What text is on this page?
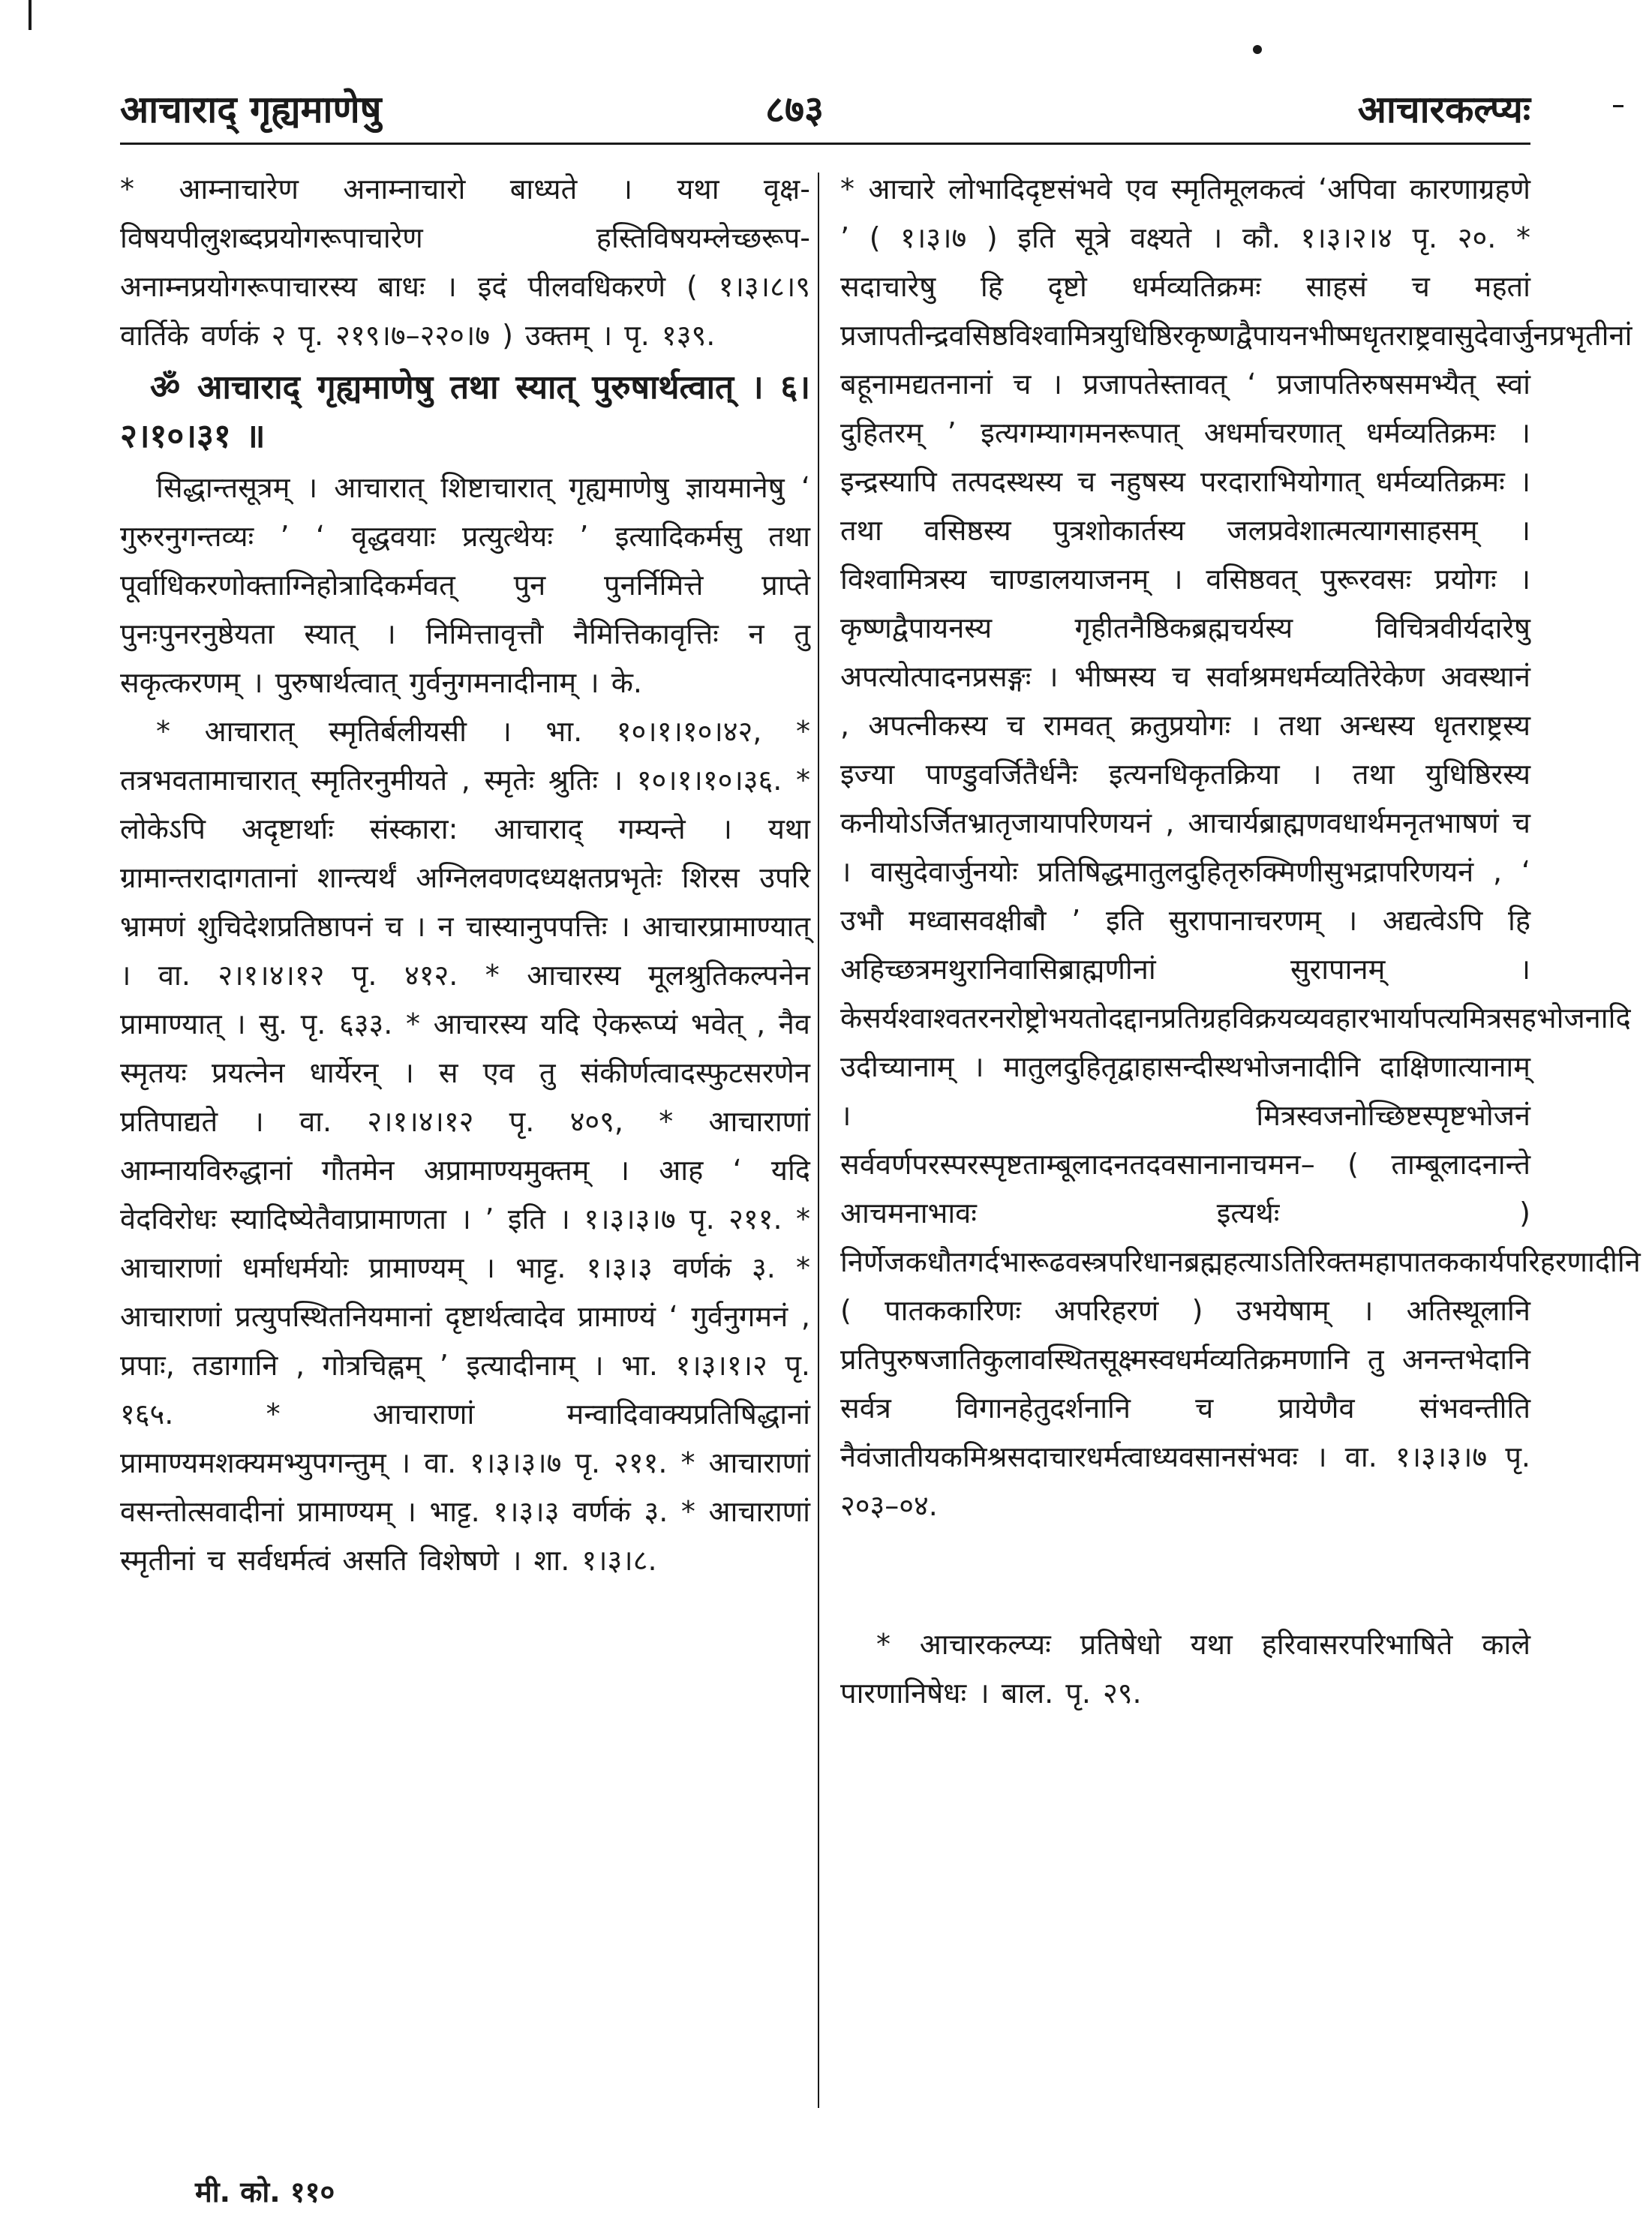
आचाराद् गृह्यमाणेषु	८७३	आचारकल्प्यः

* आम्नाचारेण अनाम्नाचारो बाध्यते । यथा वृक्ष-विषयपीलुशब्दप्रयोगरूपाचारेण हस्तिविषयम्लेच्छरूप-अनाम्नप्रयोगरूपाचारस्य बाधः । इदं पीलवधिकरणे ( १।३।८।९ वार्तिके वर्णकं २ पृ. २१९।७–२२०।७ ) उक्तम् । पृ. १३९.

ॐ आचाराद् गृह्यमाणेषु तथा स्यात् पुरुषार्थत्वात् । ६।२।१०।३१ ॥

सिद्धान्तसूत्रम् । आचारात् शिष्टाचारात् गृह्यमाणेषु ज्ञायमानेषु ‘ गुरुरनुगन्तव्यः ’ ‘ वृद्धवयाः प्रत्युत्थेयः ’ इत्यादिकर्मसु तथा पूर्वाधिकरणोक्ताग्निहोत्रादिकर्मवत् पुन पुनर्निमित्ते प्राप्ते पुनःपुनरनुष्ठेयता स्यात् । निमित्तावृत्तौ नैमित्तिकावृत्तिः न तु सकृत्करणम् । पुरुषार्थत्वात् गुर्वनुगमनादीनाम् । के.

* आचारात् स्मृतिर्बलीयसी । भा. १०।१।१०।४२, * तत्रभवतामाचारात् स्मृतिरनुमीयते , स्मृतेः श्रुतिः । १०।१।१०।३६. * लोकेऽपि अदृष्टार्थाः संस्कारा: आचाराद् गम्यन्ते । यथा ग्रामान्तरादागतानां शान्त्यर्थं अग्निलवणदध्यक्षतप्रभृतेः शिरस उपरि भ्रामणं शुचिदेशप्रतिष्ठापनं च । न चास्यानुपपत्तिः । आचारप्रामाण्यात् । वा. २।१।४।१२ पृ. ४१२. * आचारस्य मूलश्रुतिकल्पनेन प्रामाण्यात् । सु. पृ. ६३३. * आचारस्य यदि ऐकरूप्यं भवेत् , नैव स्मृतयः प्रयत्नेन धार्येरन् । स एव तु संकीर्णत्वादस्फुटसरणेन प्रतिपाद्यते । वा. २।१।४।१२ पृ. ४०९, * आचाराणां आम्नायविरुद्धानां गौतमेन अप्रामाण्यमुक्तम् । आह ‘ यदि वेदविरोधः स्यादिष्येतैवाप्रामाणता । ’ इति । १।३।३।७ पृ. २११. * आचाराणां धर्माधर्मयोः प्रामाण्यम् । भाट्ट. १।३।३ वर्णकं ३. * आचाराणां प्रत्युपस्थितनियमानां दृष्टार्थत्वादेव प्रामाण्यं ‘ गुर्वनुगमनं , प्रपाः, तडागानि , गोत्रचिह्नम् ’ इत्यादीनाम् । भा. १।३।१।२ पृ. १६५. * आचाराणां मन्वादिवाक्यप्रतिषिद्धानां प्रामाण्यमशक्यमभ्युपगन्तुम् । वा. १।३।३।७ पृ. २११. * आचाराणां वसन्तोत्सवादीनां प्रामाण्यम् । भाट्ट. १।३।३ वर्णकं ३. * आचाराणां स्मृतीनां च सर्वधर्मत्वं असति विशेषणे । शा. १।३।८.

* आचारे लोभादिदृष्टसंभवे एव स्मृतिमूलकत्वं ‘अपिवा कारणाग्रहणे ’ ( १।३।७ ) इति सूत्रे वक्ष्यते । कौ. १।३।२।४ पृ. २०. * सदाचारेषु हि दृष्टो धर्मव्यतिक्रमः साहसं च महतां प्रजापतीन्द्रवसिष्ठविश्वामित्रयुधिष्ठिरकृष्णद्वैपायनभीष्मधृतराष्ट्रवासुदेवार्जुनप्रभृतीनां बहूनामद्यतनानां च । प्रजापतेस्तावत् ‘ प्रजापतिरुषसमभ्यैत् स्वां दुहितरम् ’ इत्यगम्यागमनरूपात् अधर्माचरणात् धर्मव्यतिक्रमः । इन्द्रस्यापि तत्पदस्थस्य च नहुषस्य परदाराभियोगात् धर्मव्यतिक्रमः । तथा वसिष्ठस्य पुत्रशोकार्तस्य जलप्रवेशात्मत्यागसाहसम् । विश्वामित्रस्य चाण्डालयाजनम् । वसिष्ठवत् पुरूरवसः प्रयोगः । कृष्णद्वैपायनस्य गृहीतनैष्ठिकब्रह्मचर्यस्य विचित्रवीर्यदारेषु अपत्योत्पादनप्रसङ्गः । भीष्मस्य च सर्वाश्रमधर्मव्यतिरेकेण अवस्थानं , अपत्नीकस्य च रामवत् क्रतुप्रयोगः । तथा अन्धस्य धृतराष्ट्रस्य इज्या पाण्डुवर्जितैर्धनैः इत्यनधिकृतक्रिया । तथा युधिष्ठिरस्य कनीयोऽर्जितभ्रातृजायापरिणयनं , आचार्यब्राह्मणवधार्थमनृतभाषणं च । वासुदेवार्जुनयोः प्रतिषिद्धमातुलदुहितृरुक्मिणीसुभद्रापरिणयनं , ‘ उभौ मध्वासवक्षीबौ ’ इति सुरापानाचरणम् । अद्यत्वेऽपि हि अहिच्छत्रमथुरानिवासिब्राह्मणीनां सुरापानम् । केसर्यश्वाश्वतरनरोष्ट्रोभयतोदद्दानप्रतिग्रहविक्रयव्यवहारभार्यापत्यमित्रसहभोजनादि उदीच्यानाम् । मातुलदुहितृद्वाहासन्दीस्थभोजनादीनि दाक्षिणात्यानाम् । मित्रस्वजनोच्छिष्टस्पृष्टभोजनं सर्ववर्णपरस्परस्पृष्टताम्बूलादनतदवसानानाचमन– ( ताम्बूलादनान्ते आचमनाभावः इत्यर्थः ) निर्णेजकधौतगर्दभारूढवस्त्रपरिधानब्रह्महत्याऽतिरिक्तमहापातककार्यपरिहरणादीनि ( पातककारिणः अपरिहरणं ) उभयेषाम् । अतिस्थूलानि प्रतिपुरुषजातिकुलावस्थितसूक्ष्मस्वधर्मव्यतिक्रमणानि तु अनन्तभेदानि सर्वत्र विगानहेतुदर्शनानि च प्रायेणैव संभवन्तीति नैवंजातीयकमिश्रसदाचारधर्मत्वाध्यवसानसंभवः । वा. १।३।३।७ पृ. २०३–०४.

* आचारकल्प्यः प्रतिषेधो यथा हरिवासरपरिभाषिते काले पारणानिषेधः । बाल. पृ. २९.

मी. को. ११०
